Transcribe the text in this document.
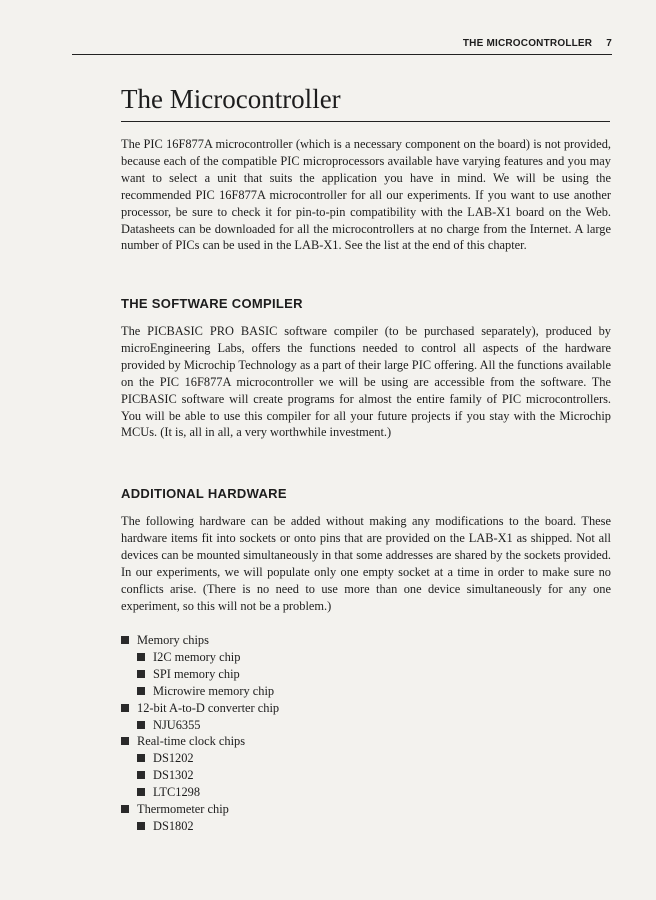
THE MICROCONTROLLER 7
The Microcontroller

The PIC 16F877A microcontroller (which is a necessary component on the board) is not provided, because each of the compatible PIC microprocessors available have varying features and you may want to select a unit that suits the application you have in mind. We will be using the recommended PIC 16F877A microcontroller for all our experiments. If you want to use another processor, be sure to check it for pin-to-pin compatibility with the LAB-X1 board on the Web. Datasheets can be downloaded for all the microcontrollers at no charge from the Internet. A large number of PICs can be used in the LAB-X1. See the list at the end of this chapter.

THE SOFTWARE COMPILER

The PICBASIC PRO BASIC software compiler (to be purchased separately), produced by microEngineering Labs, offers the functions needed to control all aspects of the hardware provided by Microchip Technology as a part of their large PIC offering. All the functions available on the PIC 16F877A microcontroller we will be using are accessible from the software. The PICBASIC software will create programs for almost the entire family of PIC microcontrollers. You will be able to use this compiler for all your future projects if you stay with the Microchip MCUs. (It is, all in all, a very worthwhile investment.)

ADDITIONAL HARDWARE

The following hardware can be added without making any modifications to the board. These hardware items fit into sockets or onto pins that are provided on the LAB-X1 as shipped. Not all devices can be mounted simultaneously in that some addresses are shared by the sockets provided. In our experiments, we will populate only one empty socket at a time in order to make sure no conflicts arise. (There is no need to use more than one device simultaneously for any one experiment, so this will not be a problem.)

Memory chips
I2C memory chip
SPI memory chip
Microwire memory chip
12-bit A-to-D converter chip
NJU6355
Real-time clock chips
DS1202
DS1302
LTC1298
Thermometer chip
DS1802
